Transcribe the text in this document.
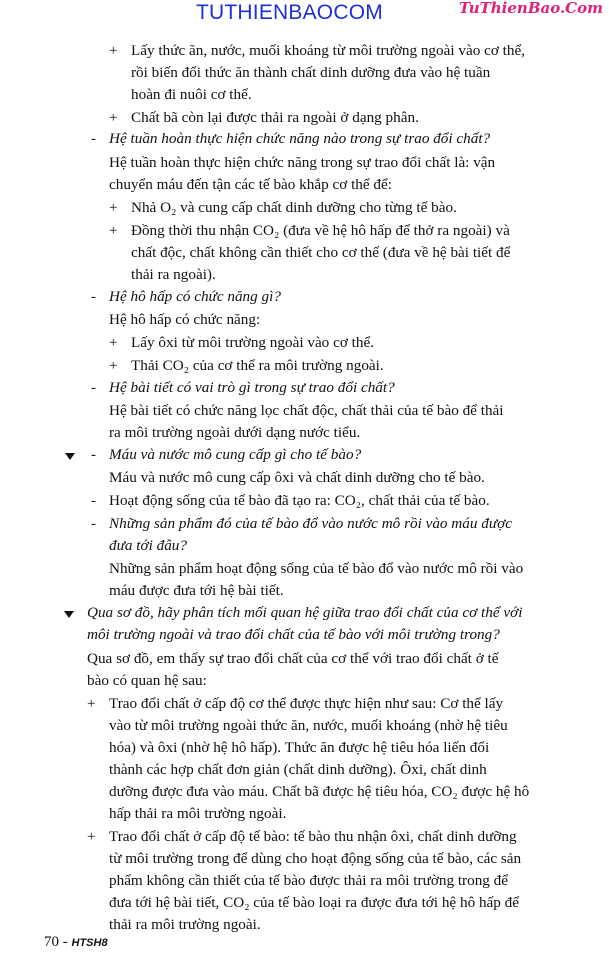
TUTHIENBAOCOM	TuThienBao.Com
Lấy thức ăn, nước, muối khoáng từ môi trường ngoài vào cơ thể,
+
rồi biến đổi thức ăn thành chất dinh dưỡng đưa vào hệ tuần
hoàn đi nuôi cơ thể.
Chất bã còn lại được thải ra ngoài ở dạng phân.
+
Hệ tuần hoàn thực hiện chức năng nào trong sự trao đổi chất?
-
Hệ tuần hoàn thực hiện chức năng trong sự trao đổi chất là: vận
chuyển máu đến tận các tế bào khắp cơ thể để:
Nhả O₂ và cung cấp chất dinh dưỡng cho từng tế bào.
+
Đồng thời thu nhận CO₂ (đưa về hệ hô hấp để thở ra ngoài) và
+
chất độc, chất không cần thiết cho cơ thể (đưa về hệ bài tiết để
thải ra ngoài).
Hệ hô hấp có chức năng gì?
-
Hệ hô hấp có chức năng:
Lấy ôxi từ môi trường ngoài vào cơ thể.
+
Thải CO₂ của cơ thể ra môi trường ngoài.
+
Hệ bài tiết có vai trò gì trong sự trao đổi chất?
-
Hệ bài tiết có chức năng lọc chất độc, chất thải của tế bào để thải
ra môi trường ngoài dưới dạng nước tiểu.
Máu và nước mô cung cấp gì cho tế bào?
-
Máu và nước mô cung cấp ôxi và chất dinh dưỡng cho tế bào.
Hoạt động sống của tế bào đã tạo ra: CO₂, chất thải của tế bào.
-
Những sản phẩm đó của tế bào đổ vào nước mô rồi vào máu được
-
đưa tới đâu?
Những sản phẩm hoạt động sống của tế bào đổ vào nước mô rồi vào
máu được đưa tới hệ bài tiết.
Qua sơ đồ, hãy phân tích mối quan hệ giữa trao đổi chất của cơ thể với
môi trường ngoài và trao đổi chất của tế bào với môi trường trong?
Qua sơ đồ, em thấy sự trao đổi chất của cơ thể với trao đổi chất ở tế
bào có quan hệ sau:
Trao đổi chất ở cấp độ cơ thể được thực hiện như sau: Cơ thể lấy
+
vào từ môi trường ngoài thức ăn, nước, muối khoáng (nhờ hệ tiêu
hóa) và ôxi (nhờ hệ hô hấp). Thức ăn được hệ tiêu hóa liến đổi
thành các hợp chất đơn giản (chất dinh dưỡng). Ôxi, chất dinh
dưỡng được đưa vào máu. Chất bã được hệ tiêu hóa, CO₂ được hệ hô
hấp thải ra môi trường ngoài.
Trao đổi chất ở cấp độ tế bào: tế bào thu nhận ôxi, chất dinh dưỡng
+
từ môi trường trong để dùng cho hoạt động sống của tế bào, các sản
phẩm không cần thiết của tế bào được thải ra môi trường trong để
đưa tới hệ bài tiết, CO₂ của tế bào loại ra được đưa tới hệ hô hấp để
thải ra môi trường ngoài.
70 - HTSH8
